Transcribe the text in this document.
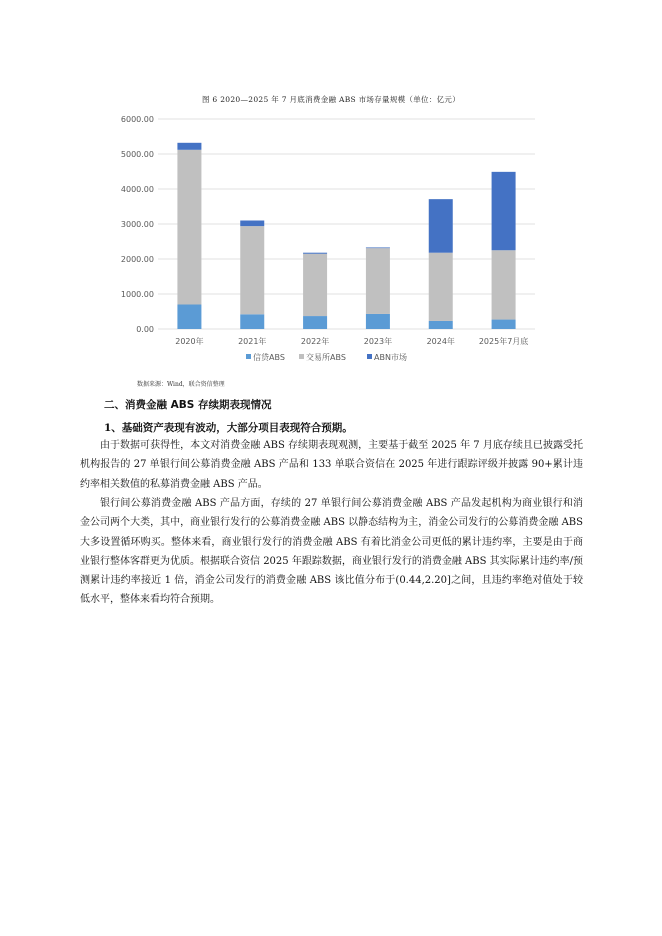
图 6 2020—2025 年 7 月底消费金融 ABS 市场存量规模（单位：亿元）
0.00
1000.00
2000.00
3000.00
4000.00
5000.00
6000.00
2020年	2021年	2022年	2023年	2024年	2025年7月底
信贷ABS	交易所ABS	ABN市场
数据来源：Wind，联合资信整理
二、消费金融 ABS 存续期表现情况
1、基础资产表现有波动，大部分项目表现符合预期。

由于数据可获得性，本文对消费金融 ABS 存续期表现观测，主要基于截至 2025 年 7 月底存续且已披露受托机构报告的 27 单银行间公募消费金融 ABS 产品和 133 单联合资信在 2025 年进行跟踪评级并披露 90+累计违约率相关数值的私募消费金融 ABS 产品。

银行间公募消费金融 ABS 产品方面，存续的 27 单银行间公募消费金融 ABS 产品发起机构为商业银行和消金公司两个大类，其中，商业银行发行的公募消费金融 ABS 以静态结构为主，消金公司发行的公募消费金融 ABS 大多设置循环购买。整体来看，商业银行发行的消费金融 ABS 有着比消金公司更低的累计违约率，主要是由于商业银行整体客群更为优质。根据联合资信 2025 年跟踪数据，商业银行发行的消费金融 ABS 其实际累计违约率/预测累计违约率接近 1 倍，消金公司发行的消费金融 ABS 该比值分布于(0.44,2.20]之间，且违约率绝对值处于较低水平，整体来看均符合预期。
